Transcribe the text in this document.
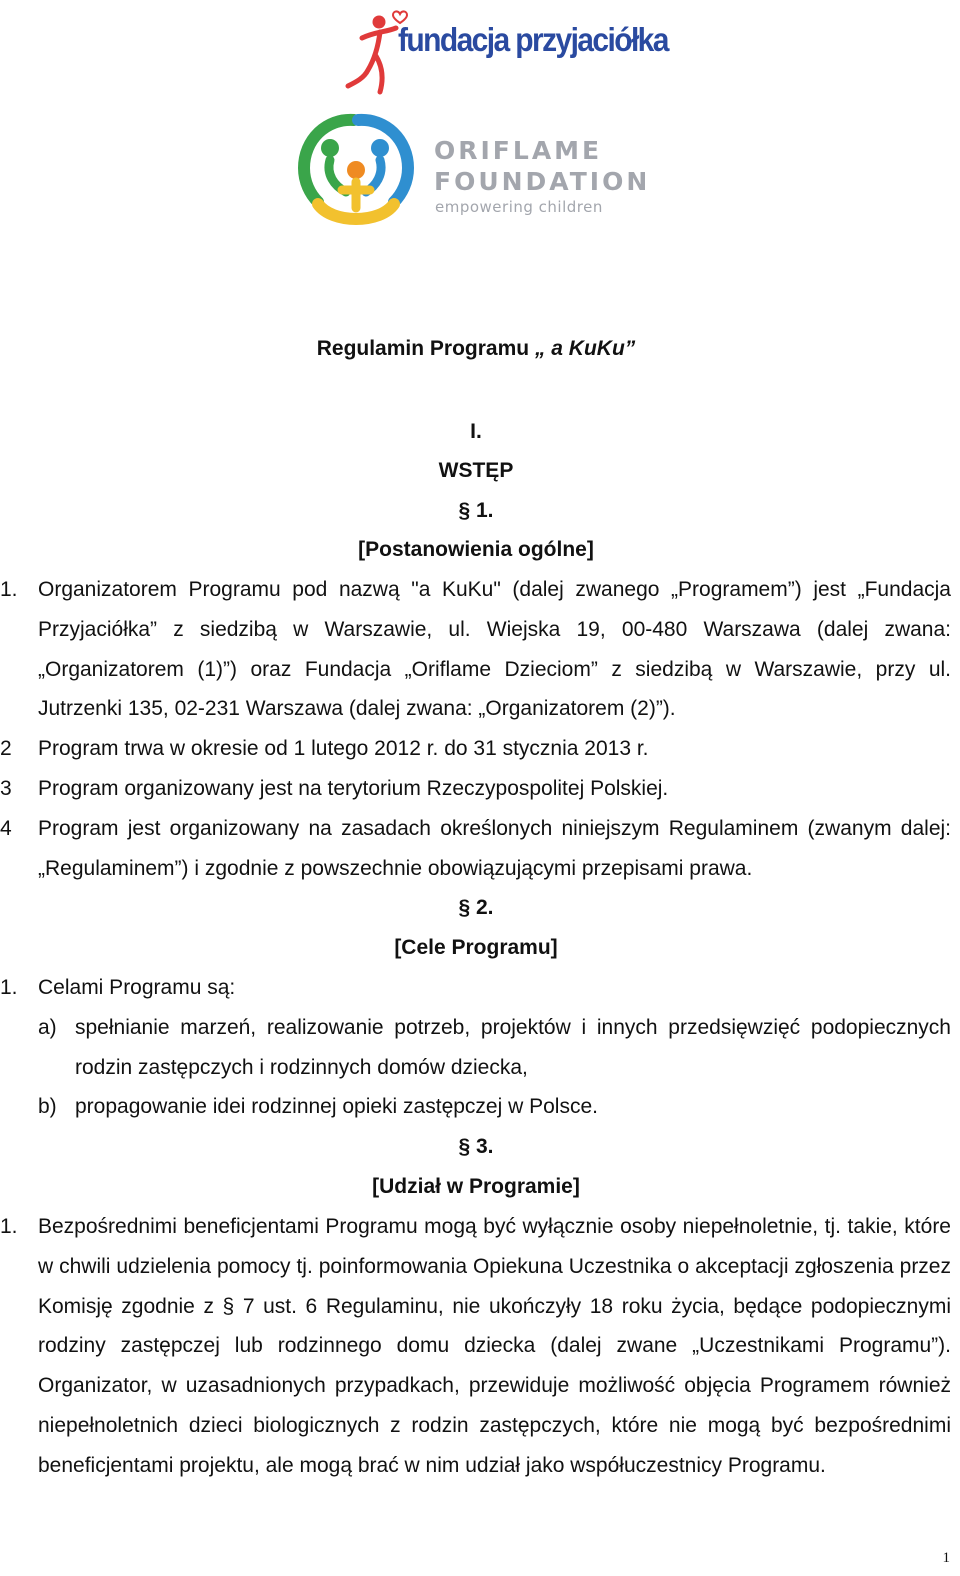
fundacja przyjaciółka
ORIFLAME
FOUNDATION
empowering children
Regulamin Programu „ a KuKu”
I.
WSTĘP
§ 1.
[Postanowienia ogólne]
1. Organizatorem Programu pod nazwą "a KuKu" (dalej zwanego „Programem”) jest „Fundacja Przyjaciółka” z siedzibą w Warszawie, ul. Wiejska 19, 00-480 Warszawa (dalej zwana: „Organizatorem (1)”) oraz Fundacja „Oriflame Dzieciom” z siedzibą w Warszawie, przy ul. Jutrzenki 135, 02-231 Warszawa (dalej zwana: „Organizatorem (2)”).
2 Program trwa w okresie od 1 lutego 2012 r. do 31 stycznia 2013 r.
3 Program organizowany jest na terytorium Rzeczypospolitej Polskiej.
4 Program jest organizowany na zasadach określonych niniejszym Regulaminem (zwanym dalej: „Regulaminem”) i zgodnie z powszechnie obowiązującymi przepisami prawa.
§ 2.
[Cele Programu]
1. Celami Programu są:
a) spełnianie marzeń, realizowanie potrzeb, projektów i innych przedsięwzięć podopiecznych rodzin zastępczych i rodzinnych domów dziecka,
b) propagowanie idei rodzinnej opieki zastępczej w Polsce.
§ 3.
[Udział w Programie]
1. Bezpośrednimi beneficjentami Programu mogą być wyłącznie osoby niepełnoletnie, tj. takie, które w chwili udzielenia pomocy tj. poinformowania Opiekuna Uczestnika o akceptacji zgłoszenia przez Komisję zgodnie z § 7 ust. 6 Regulaminu, nie ukończyły 18 roku życia, będące podopiecznymi rodziny zastępczej lub rodzinnego domu dziecka (dalej zwane „Uczestnikami Programu”). Organizator, w uzasadnionych przypadkach, przewiduje możliwość objęcia Programem również niepełnoletnich dzieci biologicznych z rodzin zastępczych, które nie mogą być bezpośrednimi beneficjentami projektu, ale mogą brać w nim udział jako współuczestnicy Programu.
1
